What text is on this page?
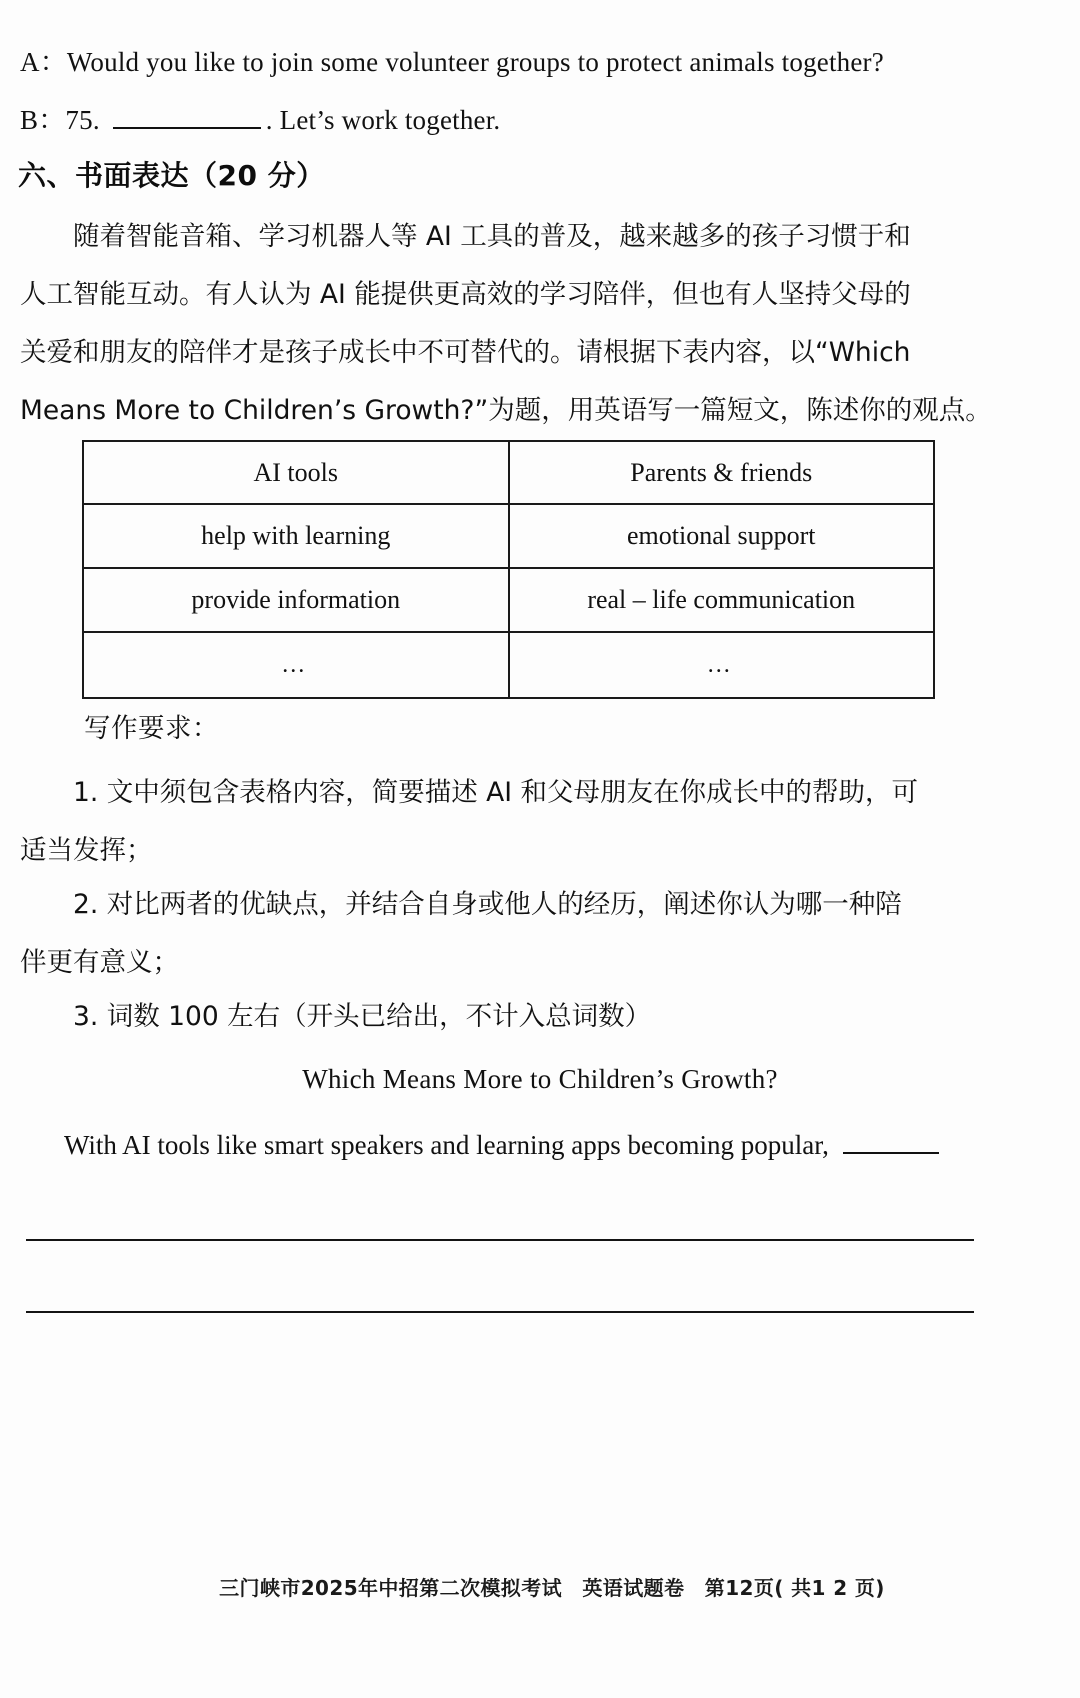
A：Would you like to join some volunteer groups to protect animals together?
B： 75.	. Let’s work together.
六、书面表达（20 分）
　　随着智能音箱、学习机器人等 AI 工具的普及，越来越多的孩子习惯于和
人工智能互动。有人认为 AI 能提供更高效的学习陪伴，但也有人坚持父母的
关爱和朋友的陪伴才是孩子成长中不可替代的。请根据下表内容，以“Which
Means More to Children’s Growth?”为题，用英语写一篇短文，陈述你的观点。
AI tools	Parents & friends
help with learning	emotional support
provide information	real – life communication
…	…
写作要求：
　　1. 文中须包含表格内容，简要描述 AI 和父母朋友在你成长中的帮助，可
适当发挥；
　　2. 对比两者的优缺点，并结合自身或他人的经历，阐述你认为哪一种陪
伴更有意义；
　　3. 词数 100 左右（开头已给出，不计入总词数）
Which Means More to Children’s Growth?
With AI tools like smart speakers and learning apps becoming popular,

三门峡市2025年中招第二次模拟考试　英语试题卷　第12页( 共1 2 页)
